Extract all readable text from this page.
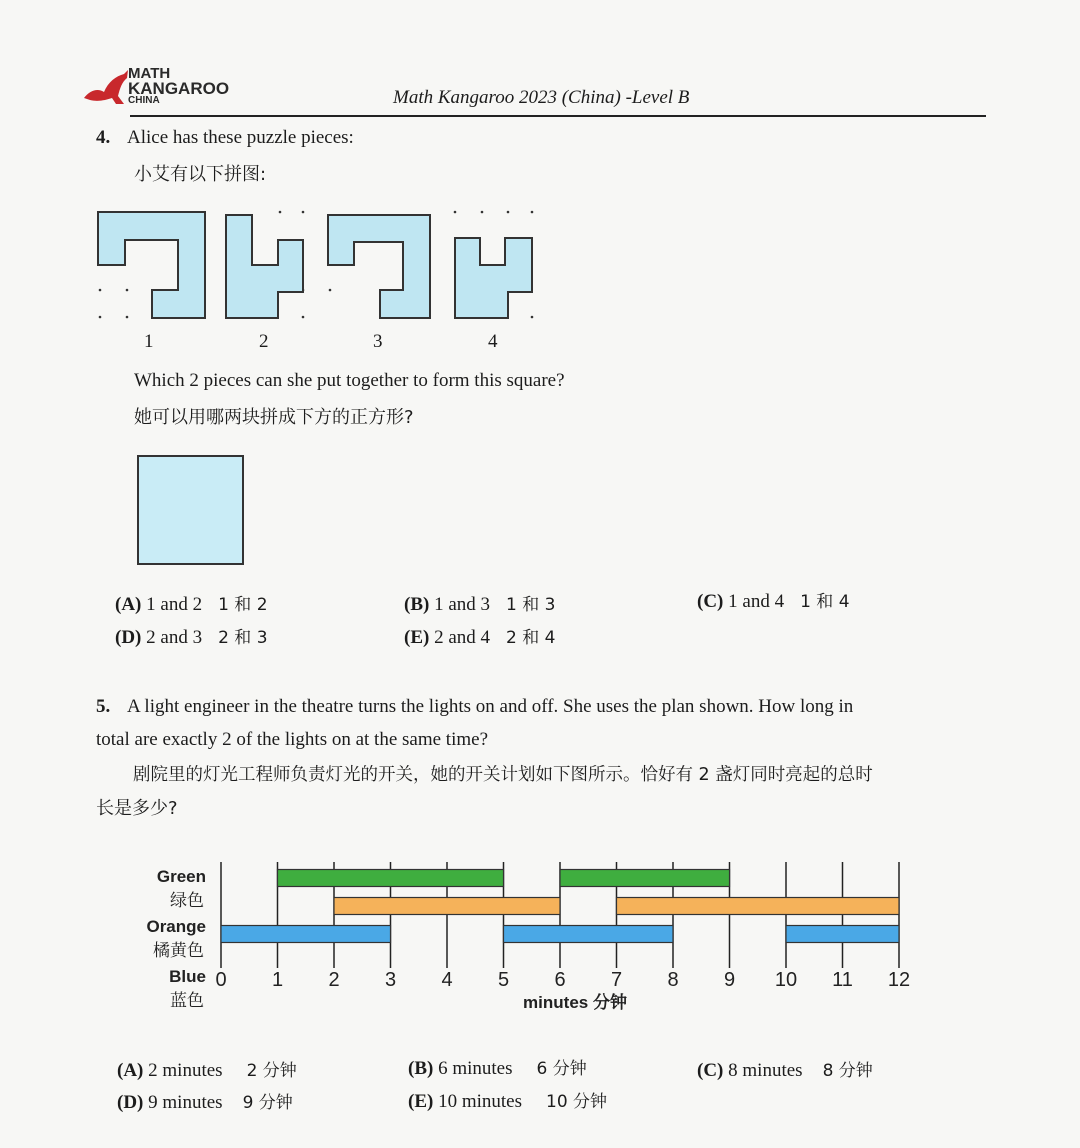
MATH
KANGAROO
CHINA	Math Kangaroo 2023 (China) -Level B
4. Alice has these puzzle pieces:
小艾有以下拼图:
1	2	3	4
Which 2 pieces can she put together to form this square?
她可以用哪两块拼成下方的正方形?
(A) 1 and 2 1 和 2	(B) 1 and 3 1 和 3	(C) 1 and 4 1 和 4
(D) 2 and 3 2 和 3	(E) 2 and 4 2 和 4
5. A light engineer in the theatre turns the lights on and off. She uses the plan shown. How long in
total are exactly 2 of the lights on at the same time?
剧院里的灯光工程师负责灯光的开关，她的开关计划如下图所示。恰好有 2 盏灯同时亮起的总时
长是多少?
Green
绿色
Orange
橘黄色
Blue
蓝色
0 1 2 3 4 5 6 7 8 9 10 11 12
minutes 分钟
(A) 2 minutes 2 分钟	(B) 6 minutes 6 分钟	(C) 8 minutes 8 分钟
(D) 9 minutes 9 分钟	(E) 10 minutes 10 分钟
